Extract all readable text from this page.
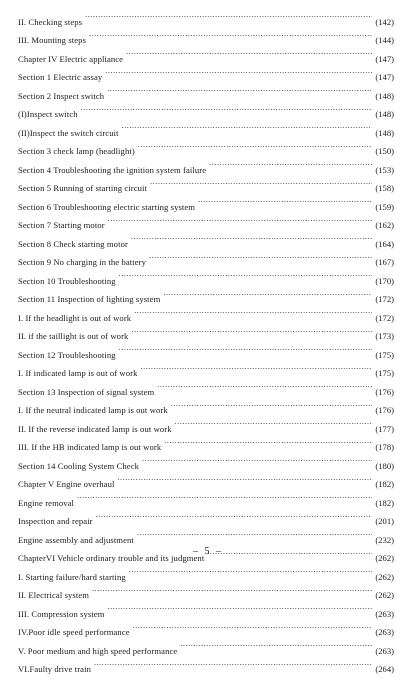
II. Checking steps .....	(142)
III. Mounting steps .....	(144)
Chapter IV Electric appliance .....	(147)
Section 1 Electric assay .....	(147)
Section 2 Inspect switch .....	(148)
(I)Inspect switch .....	(148)
(II)Inspect the switch circuit .....	(148)
Section 3 check lamp (headlight) .....	(150)
Section 4 Troubleshooting the ignition system failure .....	(153)
Section 5 Running of starting circuit .....	(158)
Section 6 Troubleshooting electric starting system .....	(159)
Section 7 Starting motor .....	(162)
Section 8 Check starting motor .....	(164)
Section 9 No charging in the battery .....	(167)
Section 10 Troubleshooting .....	(170)
Section 11 Inspection of lighting system .....	(172)
I. If the headlight is out of work .....	(172)
II. if the taillight is out of work .....	(173)
Section 12 Troubleshooting .....	(175)
I. If indicated lamp is out of work .....	(175)
Section 13 Inspection of signal system .....	(176)
I. If the neutral indicated lamp is out work .....	(176)
II. If the reverse indicated lamp is out work .....	(177)
III. If the HB indicated lamp is out work .....	(178)
Section 14 Cooling System Check .....	(180)
Chapter V Engine overhaul .....	(182)
Engine removal .....	(182)
Inspection and repair .....	(201)
Engine assembly and adjustment .....	(232)
ChapterVI Vehicle ordinary trouble and its judgment .....	(262)
I. Starting failure/hard starting .....	(262)
II. Electrical system .....	(262)
III. Compression system .....	(263)
IV.Poor idle speed performance .....	(263)
V. Poor medium and high speed performance .....	(263)
VI.Faulty drive train .....	(264)
– 5 –
